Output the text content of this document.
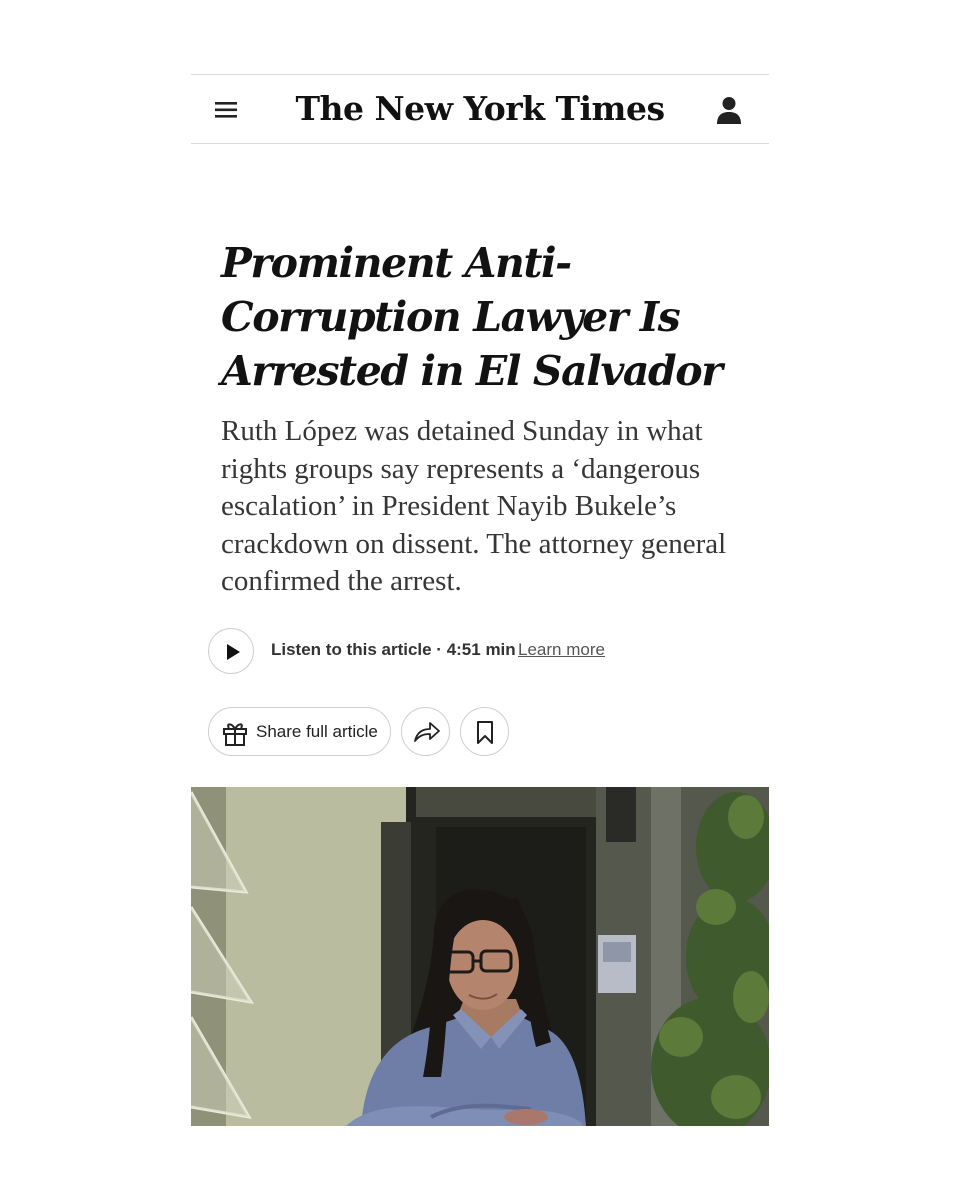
The New York Times
Prominent Anti-Corruption Lawyer Is Arrested in El Salvador

Ruth López was detained Sunday in what rights groups say represents a ‘dangerous escalation’ in President Nayib Bukele’s crackdown on dissent. The attorney general confirmed the arrest.

Listen to this article · 4:51 min Learn more
Share full article
